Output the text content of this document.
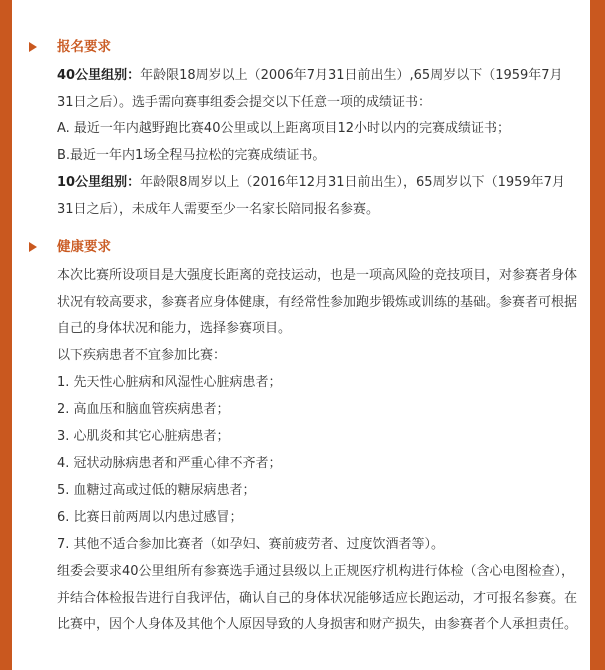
报名要求

40公里组别：年龄限18周岁以上（2006年7月31日前出生）,65周岁以下（1959年7月31日之后）。选手需向赛事组委会提交以下任意一项的成绩证书：

A. 最近一年内越野跑比赛40公里或以上距离项目12小时以内的完赛成绩证书；

B.最近一年内1场全程马拉松的完赛成绩证书。

10公里组别：年龄限8周岁以上（2016年12月31日前出生），65周岁以下（1959年7月31日之后），未成年人需要至少一名家长陪同报名参赛。

健康要求

本次比赛所设项目是大强度长距离的竞技运动，也是一项高风险的竞技项目，对参赛者身体状况有较高要求，参赛者应身体健康，有经常性参加跑步锻炼或训练的基础。参赛者可根据自己的身体状况和能力，选择参赛项目。

以下疾病患者不宜参加比赛：

1. 先天性心脏病和风湿性心脏病患者；

2. 高血压和脑血管疾病患者；

3. 心肌炎和其它心脏病患者；

4. 冠状动脉病患者和严重心律不齐者；

5. 血糖过高或过低的糖尿病患者；

6. 比赛日前两周以内患过感冒；

7. 其他不适合参加比赛者（如孕妇、赛前疲劳者、过度饮酒者等）。

组委会要求40公里组所有参赛选手通过县级以上正规医疗机构进行体检（含心电图检查），并结合体检报告进行自我评估，确认自己的身体状况能够适应长跑运动，才可报名参赛。在比赛中，因个人身体及其他个人原因导致的人身损害和财产损失，由参赛者个人承担责任。
